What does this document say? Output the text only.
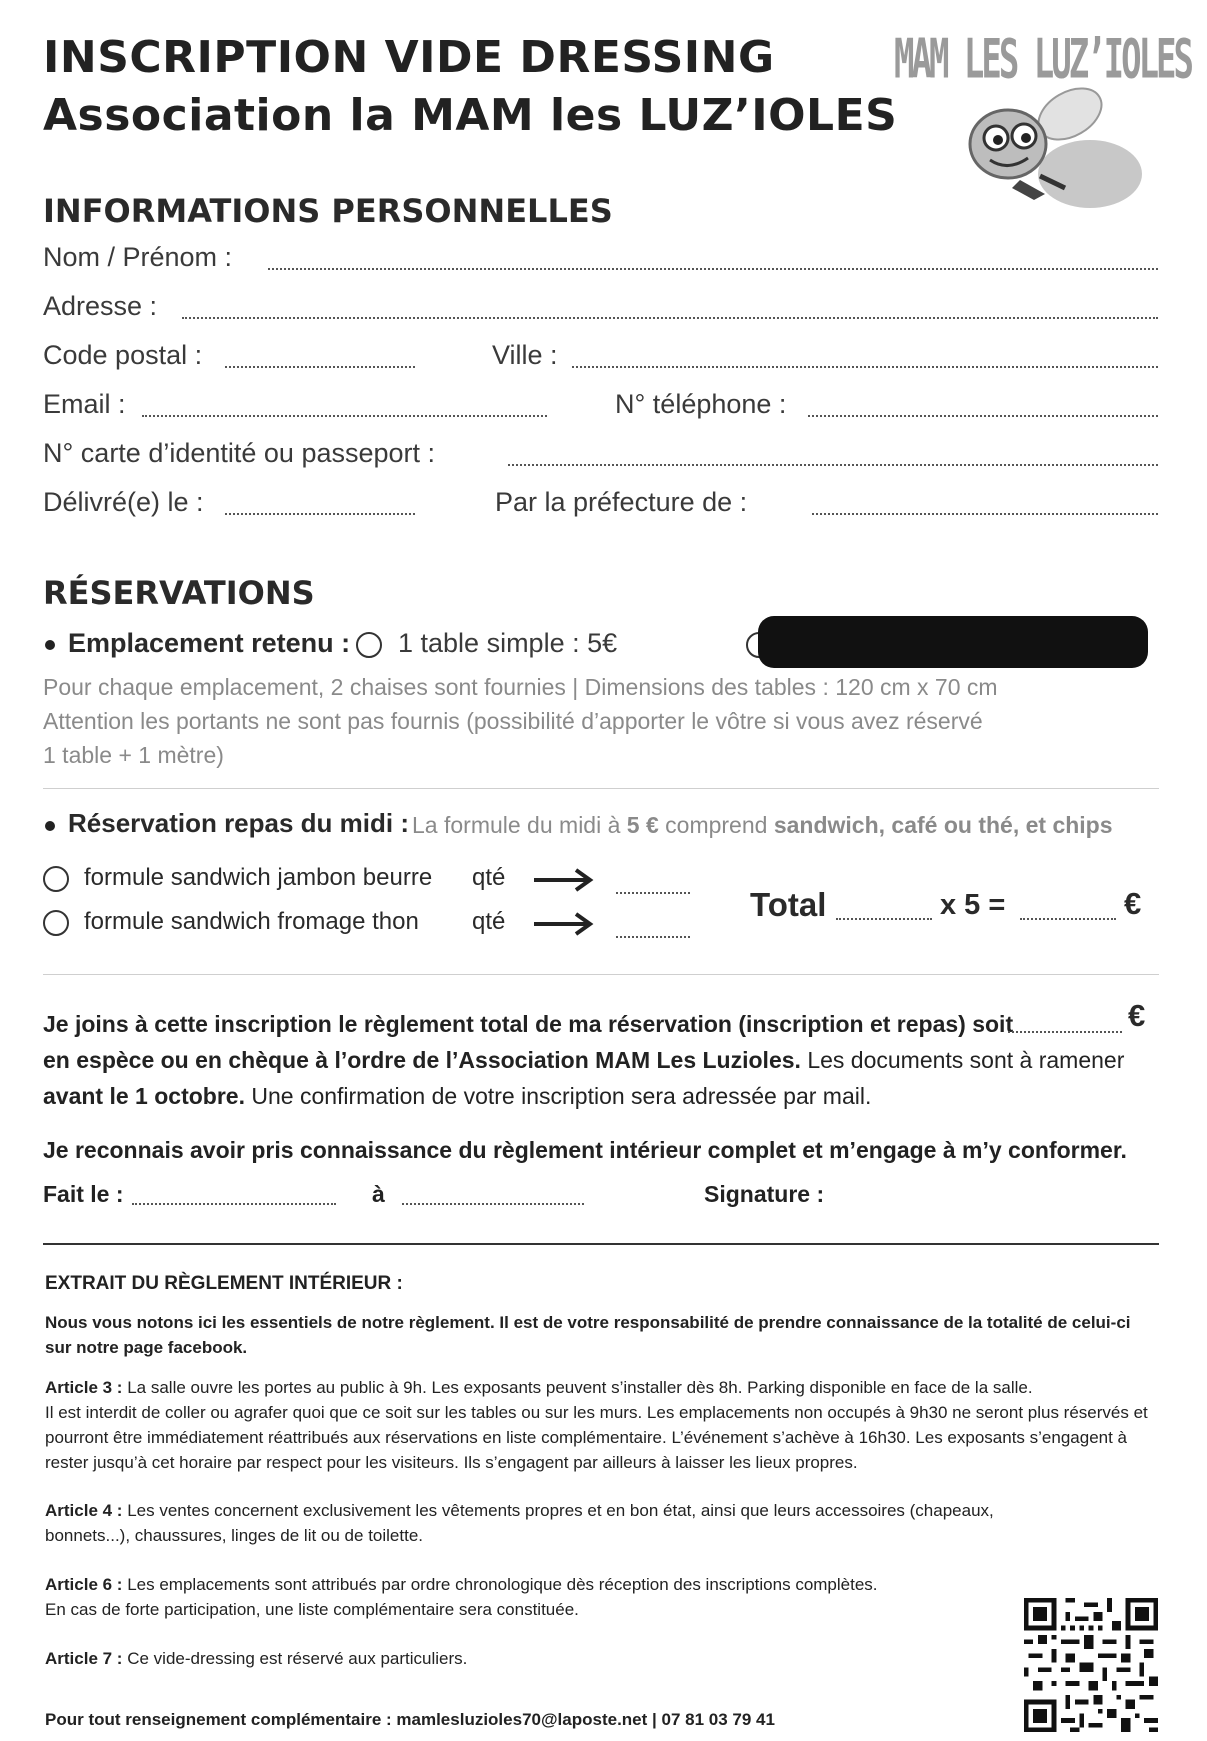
INSCRIPTION VIDE DRESSING
Association la MAM les LUZ’IOLES
MAM LES LUZ’IOLES
INFORMATIONS PERSONNELLES
Nom / Prénom :
Adresse :
Code postal :	Ville :
Email :	N° téléphone :
N° carte d’identité ou passeport :
Délivré(e) le :	Par la préfecture de :
RÉSERVATIONS
Emplacement retenu : 1 table simple : 5€
Pour chaque emplacement, 2 chaises sont fournies | Dimensions des tables : 120 cm x 70 cm
Attention les portants ne sont pas fournis (possibilité d’apporter le vôtre si vous avez réservé
1 table + 1 mètre)
Réservation repas du midi : La formule du midi à 5 € comprend sandwich, café ou thé, et chips
formule sandwich jambon beurre qté
formule sandwich fromage thon qté	Total	x 5 =	€
Je joins à cette inscription le règlement total de ma réservation (inscription et repas) soit	€
en espèce ou en chèque à l’ordre de l’Association MAM Les Luzioles. Les documents sont à ramener
avant le 1 octobre. Une confirmation de votre inscription sera adressée par mail.
Je reconnais avoir pris connaissance du règlement intérieur complet et m’engage à m’y conformer.
Fait le :	à	Signature :
EXTRAIT DU RÈGLEMENT INTÉRIEUR :
Nous vous notons ici les essentiels de notre règlement. Il est de votre responsabilité de prendre connaissance de la totalité de celui-ci sur notre page facebook.
Article 3 : La salle ouvre les portes au public à 9h. Les exposants peuvent s’installer dès 8h. Parking disponible en face de la salle.
Il est interdit de coller ou agrafer quoi que ce soit sur les tables ou sur les murs. Les emplacements non occupés à 9h30 ne seront plus réservés et pourront être immédiatement réattribués aux réservations en liste complémentaire. L’événement s’achève à 16h30. Les exposants s’engagent à rester jusqu’à cet horaire par respect pour les visiteurs. Ils s’engagent par ailleurs à laisser les lieux propres.
Article 4 : Les ventes concernent exclusivement les vêtements propres et en bon état, ainsi que leurs accessoires (chapeaux, bonnets...), chaussures, linges de lit ou de toilette.
Article 6 : Les emplacements sont attribués par ordre chronologique dès réception des inscriptions complètes.
En cas de forte participation, une liste complémentaire sera constituée.
Article 7 : Ce vide-dressing est réservé aux particuliers.
Pour tout renseignement complémentaire : mamlesluzioles70@laposte.net | 07 81 03 79 41
